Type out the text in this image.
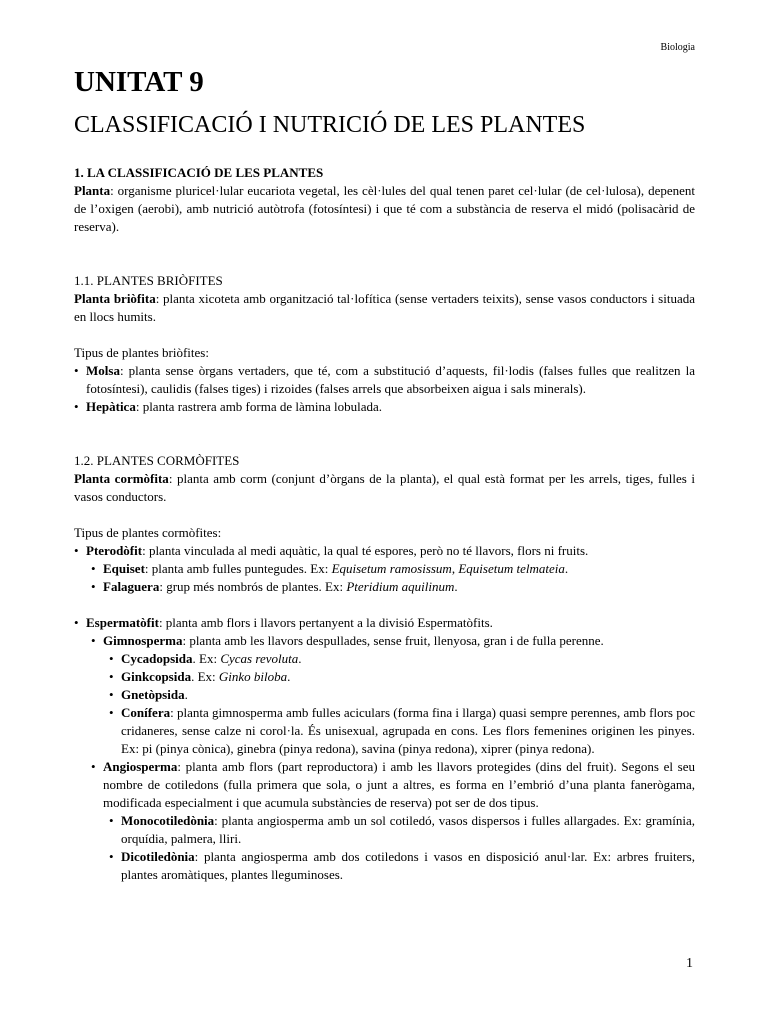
Biologia
UNITAT 9
CLASSIFICACIÓ I NUTRICIÓ DE LES PLANTES

1. LA CLASSIFICACIÓ DE LES PLANTES

Planta: organisme pluricel·lular eucariota vegetal, les cèl·lules del qual tenen paret cel·lular (de cel·lulosa), depenent de l’oxigen (aerobi), amb nutrició autòtrofa (fotosíntesi) i que té com a substància de reserva el midó (polisacàrid de reserva).

1.1. PLANTES BRIÒFITES

Planta briòfita: planta xicoteta amb organització tal·lofítica (sense vertaders teixits), sense vasos conductors i situada en llocs humits.

Tipus de plantes briòfites:

• Molsa: planta sense òrgans vertaders, que té, com a substitució d’aquests, fil·lodis (falses fulles que realitzen la fotosíntesi), caulidis (falses tiges) i rizoides (falses arrels que absorbeixen aigua i sals minerals).
• Hepàtica: planta rastrera amb forma de làmina lobulada.

1.2. PLANTES CORMÒFITES

Planta cormòfita: planta amb corm (conjunt d’òrgans de la planta), el qual està format per les arrels, tiges, fulles i vasos conductors.

Tipus de plantes cormòfites:

• Pterodòfit: planta vinculada al medi aquàtic, la qual té espores, però no té llavors, flors ni fruits.
• Equiset: planta amb fulles puntegudes. Ex: Equisetum ramosissum, Equisetum telmateia.
• Falaguera: grup més nombrós de plantes. Ex: Pteridium aquilinum.
• Espermatòfit: planta amb flors i llavors pertanyent a la divisió Espermatòfits.
• Gimnosperma: planta amb les llavors despullades, sense fruit, llenyosa, gran i de fulla perenne.
• Cycadopsida. Ex: Cycas revoluta.
• Ginkcopsida. Ex: Ginko biloba.
• Gnetòpsida.
• Conífera: planta gimnosperma amb fulles aciculars (forma fina i llarga) quasi sempre perennes, amb flors poc cridaneres, sense calze ni corol·la. És unisexual, agrupada en cons. Les flors femenines originen les pinyes. Ex: pi (pinya cònica), ginebra (pinya redona), savina (pinya redona), xiprer (pinya redona).
• Angiosperma: planta amb flors (part reproductora) i amb les llavors protegides (dins del fruit). Segons el seu nombre de cotiledons (fulla primera que sola, o junt a altres, es forma en l’embrió d’una planta fanerògama, modificada especialment i que acumula substàncies de reserva) pot ser de dos tipus.
• Monocotiledònia: planta angiosperma amb un sol cotiledó, vasos dispersos i fulles allargades. Ex: gramínia, orquídia, palmera, lliri.
• Dicotiledònia: planta angiosperma amb dos cotiledons i vasos en disposició anul·lar. Ex: arbres fruiters, plantes aromàtiques, plantes lleguminoses.
1
